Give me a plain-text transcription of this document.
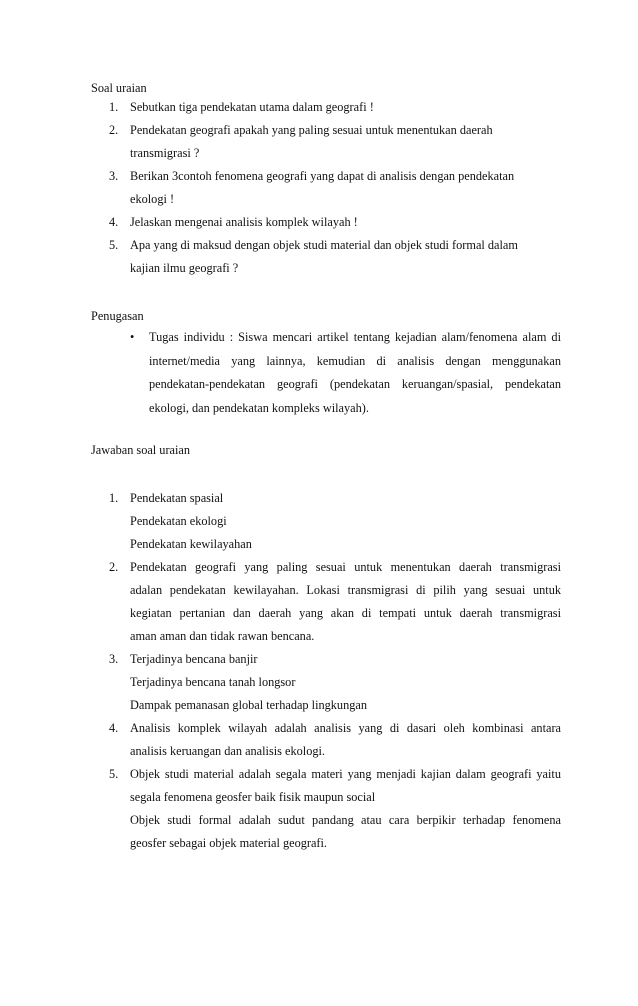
Soal uraian
1. Sebutkan tiga pendekatan utama dalam geografi !
2. Pendekatan geografi apakah yang paling sesuai untuk menentukan daerah
transmigrasi ?
3. Berikan 3contoh fenomena geografi yang dapat di analisis dengan pendekatan
ekologi !
4. Jelaskan mengenai analisis komplek wilayah !
5. Apa yang di maksud dengan objek studi material dan objek studi formal dalam
kajian ilmu geografi ?
Penugasan
• Tugas individu : Siswa mencari artikel tentang kejadian alam/fenomena alam di
internet/media yang lainnya, kemudian di analisis dengan menggunakan
pendekatan-pendekatan geografi (pendekatan keruangan/spasial, pendekatan
ekologi, dan pendekatan kompleks wilayah).
Jawaban soal uraian
1. Pendekatan spasial
Pendekatan ekologi
Pendekatan kewilayahan
2. Pendekatan geografi yang paling sesuai untuk menentukan daerah transmigrasi
adalan pendekatan kewilayahan. Lokasi transmigrasi di pilih yang sesuai untuk
kegiatan pertanian dan daerah yang akan di tempati untuk daerah transmigrasi
aman aman dan tidak rawan bencana.
3. Terjadinya bencana banjir
Terjadinya bencana tanah longsor
Dampak pemanasan global terhadap lingkungan
4. Analisis komplek wilayah adalah analisis yang di dasari oleh kombinasi antara
analisis keruangan dan analisis ekologi.
5. Objek studi material adalah segala materi yang menjadi kajian dalam geografi yaitu
segala fenomena geosfer baik fisik maupun social
Objek studi formal adalah sudut pandang atau cara berpikir terhadap fenomena
geosfer sebagai objek material geografi.
